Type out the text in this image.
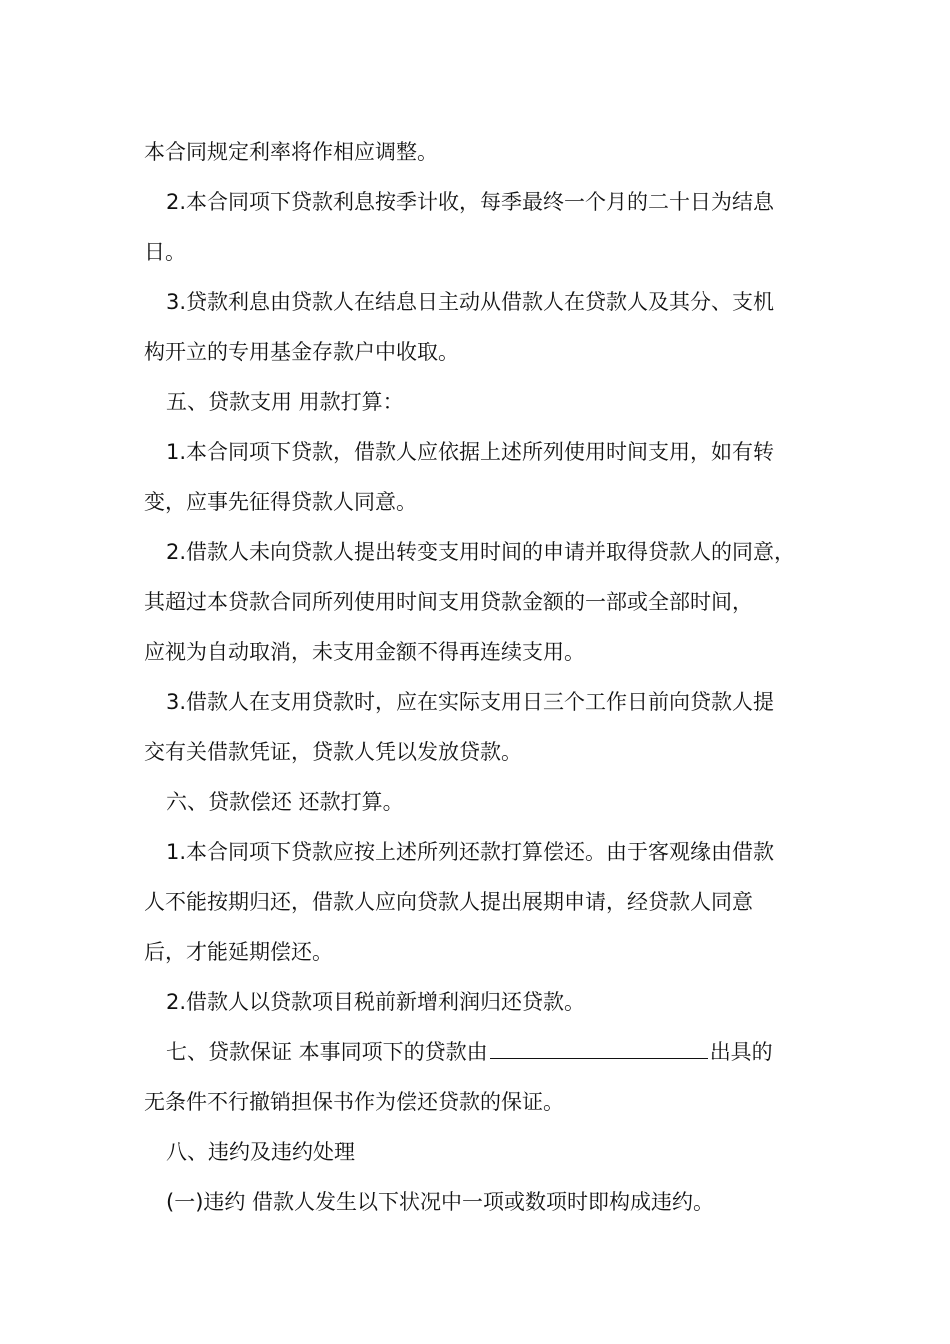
本合同规定利率将作相应调整。
2.本合同项下贷款利息按季计收，每季最终一个月的二十日为结息
日。
3.贷款利息由贷款人在结息日主动从借款人在贷款人及其分、支机
构开立的专用基金存款户中收取。
五、贷款支用 用款打算：
1.本合同项下贷款，借款人应依据上述所列使用时间支用，如有转
变，应事先征得贷款人同意。
2.借款人未向贷款人提出转变支用时间的申请并取得贷款人的同意，
其超过本贷款合同所列使用时间支用贷款金额的一部或全部时间，
应视为自动取消，未支用金额不得再连续支用。
3.借款人在支用贷款时，应在实际支用日三个工作日前向贷款人提
交有关借款凭证，贷款人凭以发放贷款。
六、贷款偿还 还款打算。
1.本合同项下贷款应按上述所列还款打算偿还。由于客观缘由借款
人不能按期归还，借款人应向贷款人提出展期申请，经贷款人同意
后，才能延期偿还。
2.借款人以贷款项目税前新增利润归还贷款。
七、贷款保证 本事同项下的贷款由	出具的
无条件不行撤销担保书作为偿还贷款的保证。
八、违约及违约处理
(一)违约 借款人发生以下状况中一项或数项时即构成违约。
